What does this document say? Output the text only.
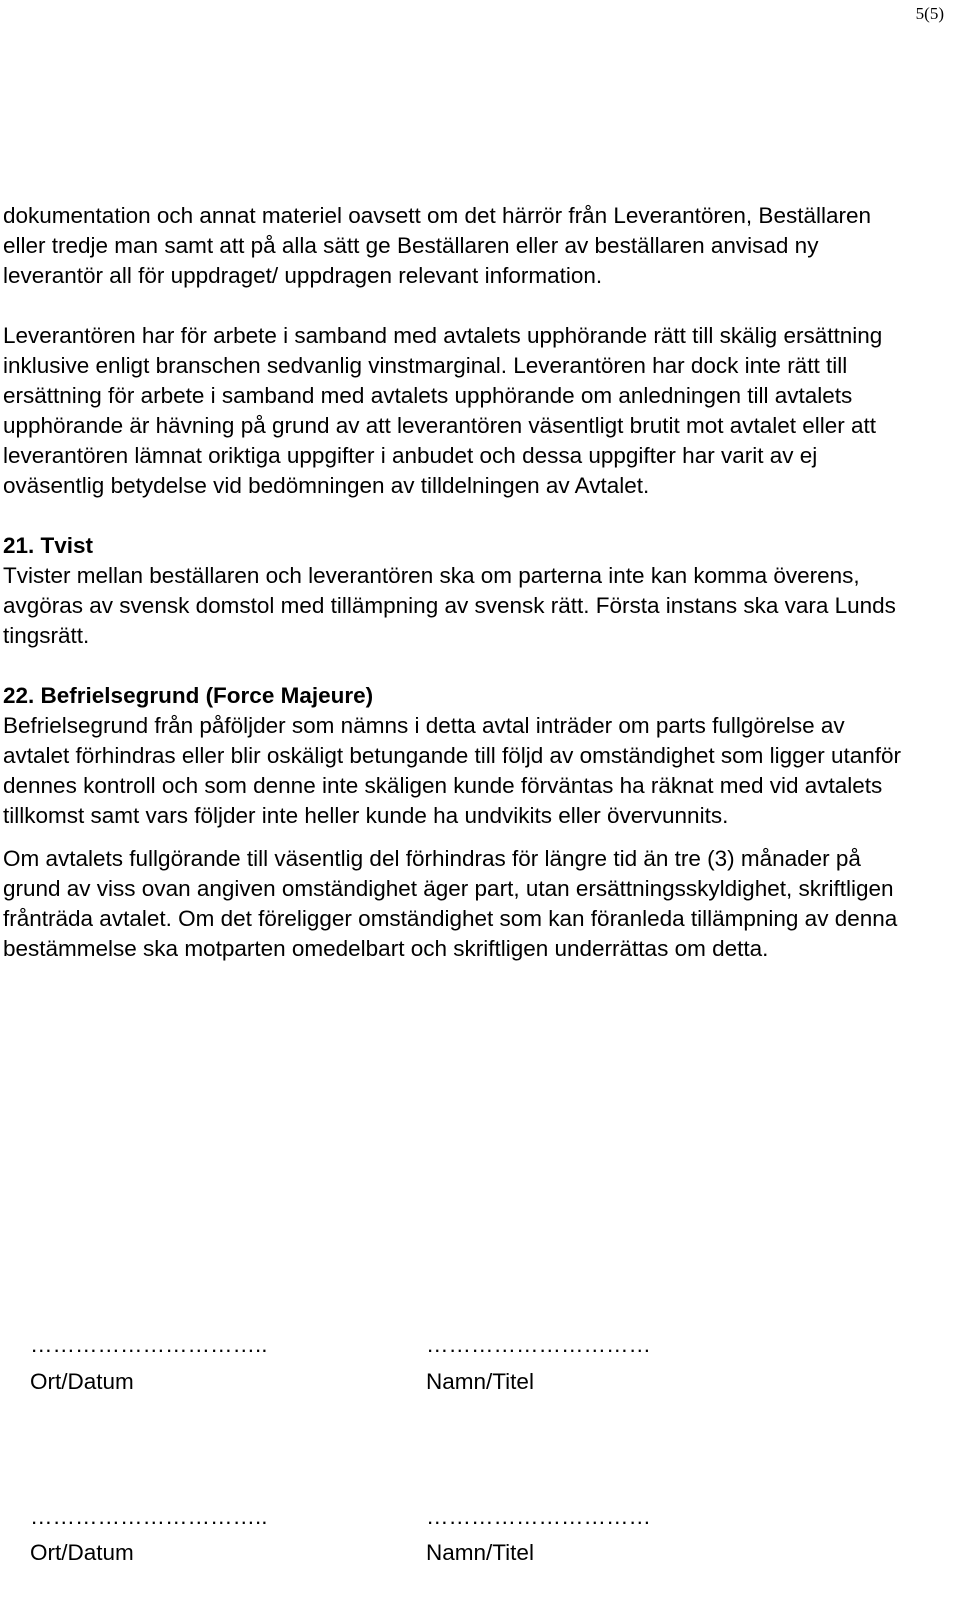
5(5)

dokumentation och annat materiel oavsett om det härrör från Leverantören, Beställaren eller tredje man samt att på alla sätt ge Beställaren eller av beställaren anvisad ny leverantör all för uppdraget/ uppdragen relevant information.

Leverantören har för arbete i samband med avtalets upphörande rätt till skälig ersättning inklusive enligt branschen sedvanlig vinstmarginal. Leverantören har dock inte rätt till ersättning för arbete i samband med avtalets upphörande om anledningen till avtalets upphörande är hävning på grund av att leverantören väsentligt brutit mot avtalet eller att leverantören lämnat oriktiga uppgifter i anbudet och dessa uppgifter har varit av ej oväsentlig betydelse vid bedömningen av tilldelningen av Avtalet.

21. Tvist

Tvister mellan beställaren och leverantören ska om parterna inte kan komma överens, avgöras av svensk domstol med tillämpning av svensk rätt. Första instans ska vara Lunds tingsrätt.

22. Befrielsegrund (Force Majeure)

Befrielsegrund från påföljder som nämns i detta avtal inträder om parts fullgörelse av avtalet förhindras eller blir oskäligt betungande till följd av omständighet som ligger utanför dennes kontroll och som denne inte skäligen kunde förväntas ha räknat med vid avtalets tillkomst samt vars följder inte heller kunde ha undvikits eller övervunnits.

Om avtalets fullgörande till väsentlig del förhindras för längre tid än tre (3) månader på grund av viss ovan angiven omständighet äger part, utan ersättningsskyldighet, skriftligen frånträda avtalet. Om det föreligger omständighet som kan föranleda tillämpning av denna bestämmelse ska motparten omedelbart och skriftligen underrättas om detta.

…………………………..
Ort/Datum
…………………………
Namn/Titel
…………………………..
Ort/Datum
…………………………
Namn/Titel
